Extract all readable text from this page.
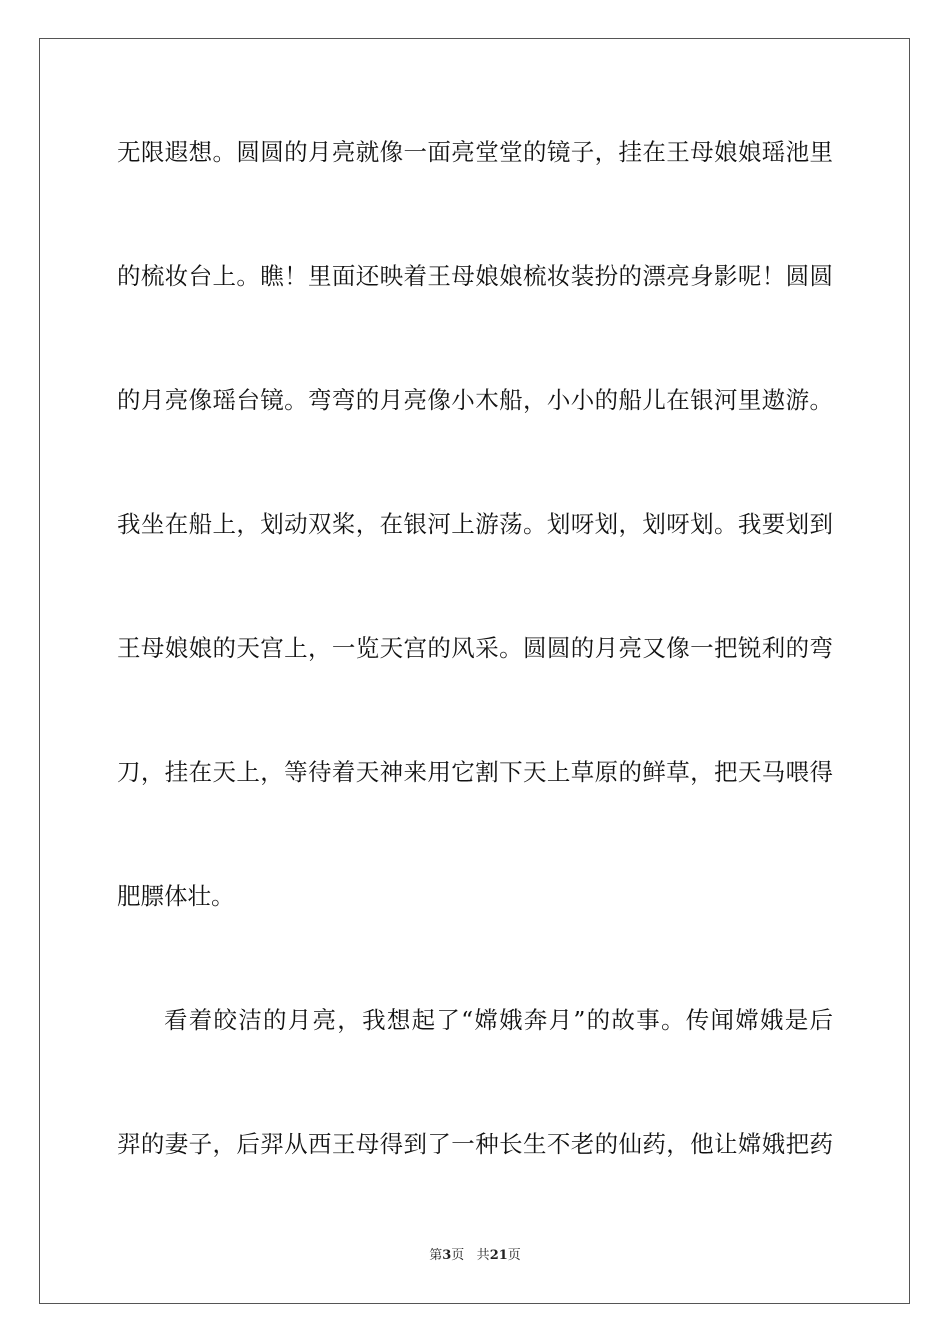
无限遐想。圆圆的月亮就像一面亮堂堂的镜子，挂在王母娘娘瑶池里
的梳妆台上。瞧！里面还映着王母娘娘梳妆装扮的漂亮身影呢！圆圆
的月亮像瑶台镜。弯弯的月亮像小木船，小小的船儿在银河里遨游。
我坐在船上，划动双桨，在银河上游荡。划呀划，划呀划。我要划到
王母娘娘的天宫上，一览天宫的风采。圆圆的月亮又像一把锐利的弯
刀，挂在天上，等待着天神来用它割下天上草原的鲜草，把天马喂得
肥膘体壮。
看着皎洁的月亮，我想起了“嫦娥奔月”的故事。传闻嫦娥是后
羿的妻子，后羿从西王母得到了一种长生不老的仙药，他让嫦娥把药
第3页 共21页
